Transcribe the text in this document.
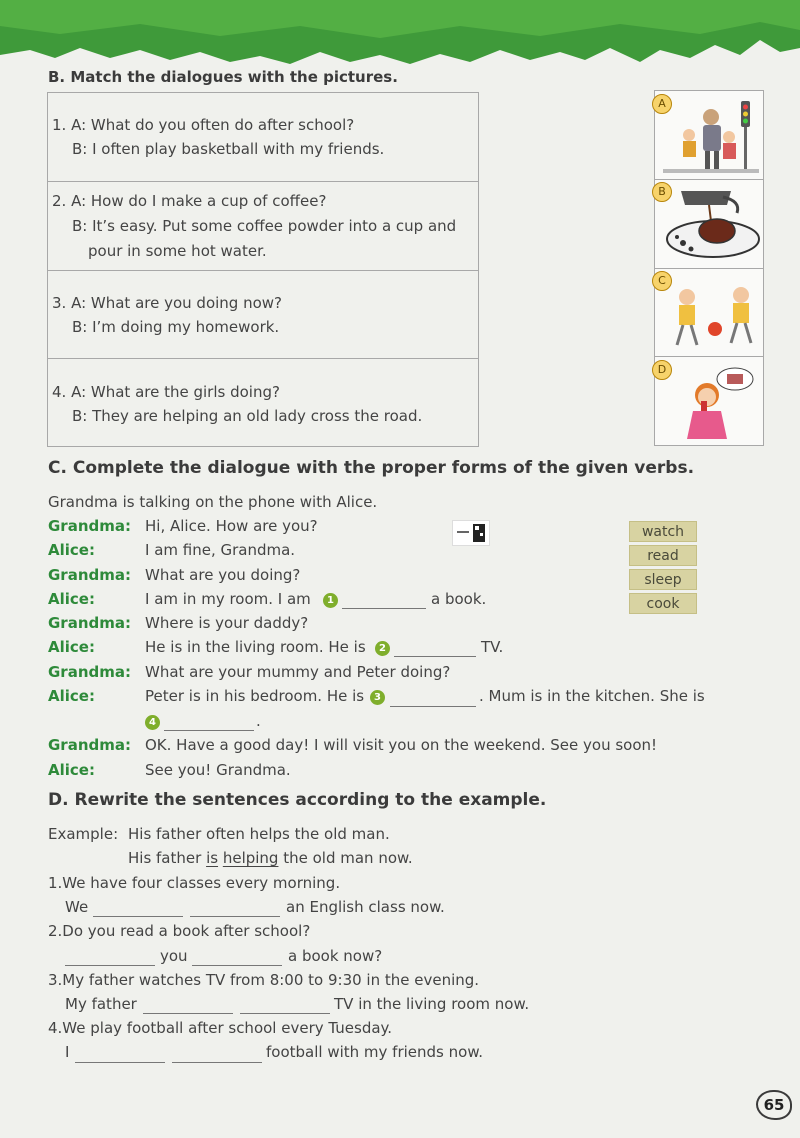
B. Match the dialogues with the pictures.
1. A: What do you often do after school?
B: I often play basketball with my friends.
2. A: How do I make a cup of coffee?
B: It’s easy. Put some coffee powder into a cup and
pour in some hot water.
3. A: What are you doing now?
B: I’m doing my homework.
4. A: What are the girls doing?
B: They are helping an old lady cross the road.
A
B
C
D
C. Complete the dialogue with the proper forms of the given verbs.
Grandma is talking on the phone with Alice.
watch
read
sleep
cook
Grandma: Hi, Alice. How are you?
Alice:	I am fine, Grandma.
Grandma: What are you doing?
Alice:	I am in my room. I am	1	a book.
Grandma: Where is your daddy?
Alice:	He is in the living room. He is	2	TV.
Grandma: What are your mummy and Peter doing?
Alice:	Peter is in his bedroom. He is 3	. Mum is in the kitchen. She is
4	.
Grandma: OK. Have a good day! I will visit you on the weekend. See you soon!
Alice:	See you! Grandma.
D. Rewrite the sentences according to the example.
Example: His father often helps the old man.
His father is helping the old man now.
1.We have four classes every morning.
We	an English class now.
2.Do you read a book after school?
you	a book now?
3.My father watches TV from 8:00 to 9:30 in the evening.
My father	TV in the living room now.
4.We play football after school every Tuesday.
I	football with my friends now.
65
